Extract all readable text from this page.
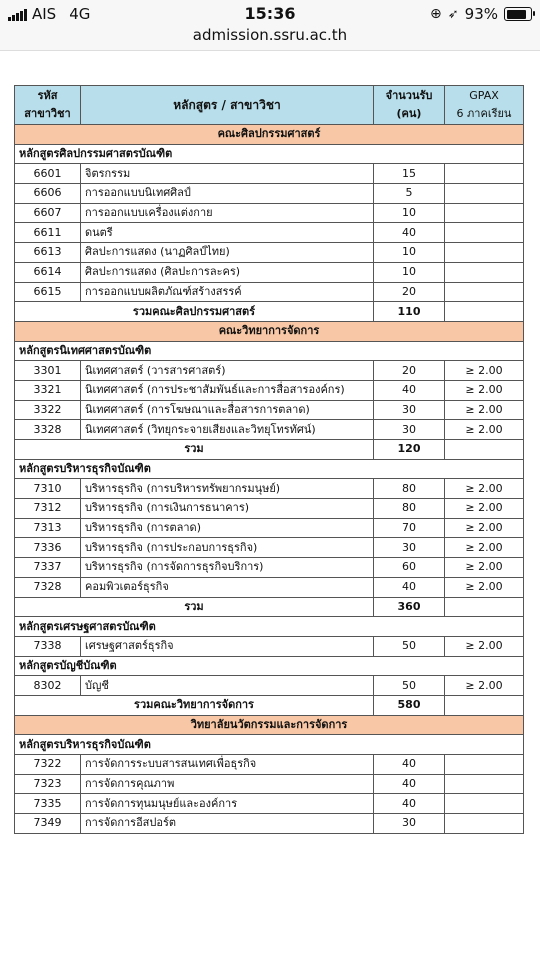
AIS 4G	15:36	⊕ ➶ 93%
admission.ssru.ac.th
รหัส
สาขาวิชา	หลักสูตร / สาขาวิชา	จำนวนรับ
(คน)	GPAX
6 ภาคเรียน
คณะศิลปกรรมศาสตร์			
หลักสูตรศิลปกรรมศาสตรบัณฑิต			
6601	จิตรกรรม	15	
6606	การออกแบบนิเทศศิลป์	5	
6607	การออกแบบเครื่องแต่งกาย	10	
6611	ดนตรี	40	
6613	ศิลปะการแสดง (นาฏศิลป์ไทย)	10	
6614	ศิลปะการแสดง (ศิลปะการละคร)	10	
6615	การออกแบบผลิตภัณฑ์สร้างสรรค์	20	
รวมคณะศิลปกรรมศาสตร์		110	
คณะวิทยาการจัดการ			
หลักสูตรนิเทศศาสตรบัณฑิต			
3301	นิเทศศาสตร์ (วารสารศาสตร์)	20	≥ 2.00
3321	นิเทศศาสตร์ (การประชาสัมพันธ์และการสื่อสารองค์กร)	40	≥ 2.00
3322	นิเทศศาสตร์ (การโฆษณาและสื่อสารการตลาด)	30	≥ 2.00
3328	นิเทศศาสตร์ (วิทยุกระจายเสียงและวิทยุโทรทัศน์)	30	≥ 2.00
รวม		120	
หลักสูตรบริหารธุรกิจบัณฑิต			
7310	บริหารธุรกิจ (การบริหารทรัพยากรมนุษย์)	80	≥ 2.00
7312	บริหารธุรกิจ (การเงินการธนาคาร)	80	≥ 2.00
7313	บริหารธุรกิจ (การตลาด)	70	≥ 2.00
7336	บริหารธุรกิจ (การประกอบการธุรกิจ)	30	≥ 2.00
7337	บริหารธุรกิจ (การจัดการธุรกิจบริการ)	60	≥ 2.00
7328	คอมพิวเตอร์ธุรกิจ	40	≥ 2.00
รวม		360	
หลักสูตรเศรษฐศาสตรบัณฑิต			
7338	เศรษฐศาสตร์ธุรกิจ	50	≥ 2.00
หลักสูตรบัญชีบัณฑิต			
8302	บัญชี	50	≥ 2.00
รวมคณะวิทยาการจัดการ		580	
วิทยาลัยนวัตกรรมและการจัดการ			
หลักสูตรบริหารธุรกิจบัณฑิต			
7322	การจัดการระบบสารสนเทศเพื่อธุรกิจ	40	
7323	การจัดการคุณภาพ	40	
7335	การจัดการทุนมนุษย์และองค์การ	40	
7349	การจัดการอีสปอร์ต	30	
